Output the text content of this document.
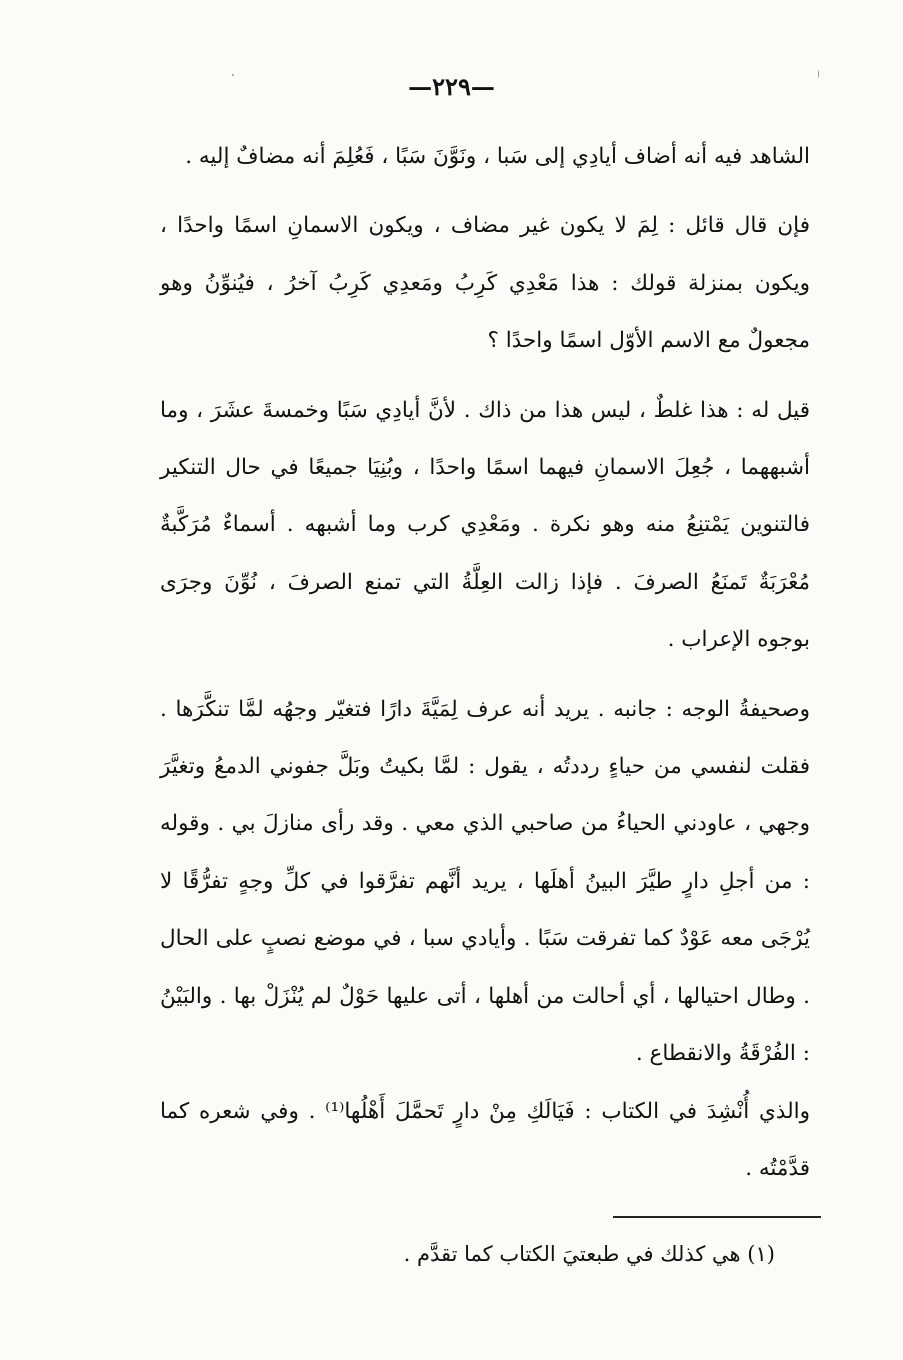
—٢٢٩—

الشاهد فيه أنه أضاف أيادِي إلى سَبا ، ونَوَّنَ سَبًا ، فَعُلِمَ أنه مضافٌ إليه .

فإن قال قائل : لِمَ لا يكون غير مضاف ، ويكون الاسمانِ اسمًا واحدًا ، ويكون بمنزلة قولك : هذا مَعْدِي كَرِبُ ومَعدِي كَرِبُ آخرُ ، فيُنوِّنُ وهو مجعولٌ مع الاسم الأوّل اسمًا واحدًا ؟

قيل له : هذا غلطٌ ، ليس هذا من ذاك . لأنَّ أيادِي سَبًا وخمسةَ عشَرَ ، وما أشبههما ، جُعِلَ الاسمانِ فيهما اسمًا واحدًا ، وبُنِيَا جميعًا في حال التنكير فالتنوين يَمْتنِعُ منه وهو نكرة . ومَعْدِي كرب وما أشبهه . أسماءٌ مُرَكَّبةٌ مُعْرَبَةٌ تَمنَعُ الصرفَ . فإذا زالت العِلَّةُ التي تمنع الصرفَ ، نُوِّنَ وجرَى بوجوه الإعراب .

وصحيفةُ الوجه : جانبه . يريد أنه عرف لِمَيَّةَ دارًا فتغيّر وجهُه لمَّا تنكَّرَها . فقلت لنفسي من حياءٍ رددتُه ، يقول : لمَّا بكيتُ وبَلَّ جفوني الدمعُ وتغيَّرَ وجهي ، عاودني الحياءُ من صاحبي الذي معي . وقد رأى منازلَ بي . وقوله : من أجلِ دارٍ طيَّرَ البينُ أهلَها ، يريد أنَّهم تفرَّقوا في كلِّ وجهٍ تفرُّقًا لا يُرْجَى معه عَوْدٌ كما تفرقت سَبًا . وأيادي سبا ، في موضع نصبٍ على الحال . وطال احتيالها ، أي أحالت من أهلها ، أتى عليها حَوْلٌ لم يُنْزَلْ بها . والبَيْنُ : الفُرْقَةُ والانقطاع .

والذي أُنْشِدَ في الكتاب : فَيَالَكِ مِنْ دارٍ تَحمَّلَ أَهْلُها⁽¹⁾ . وفي شعره كما قدَّمْتُه .

(١) هي كذلك في طبعتيَ الكتاب كما تقدَّم .
